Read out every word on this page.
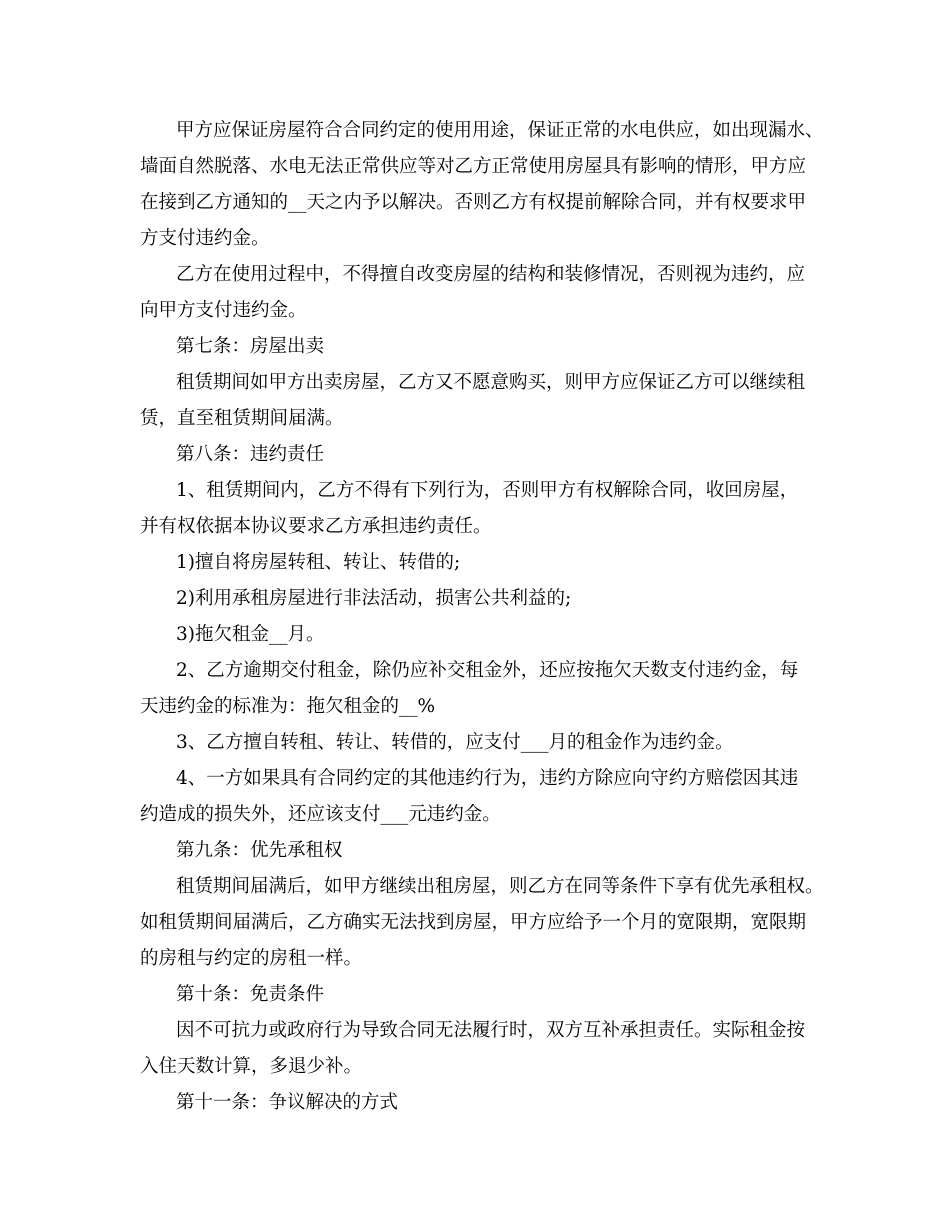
甲方应保证房屋符合合同约定的使用用途，保证正常的水电供应，如出现漏水、
墙面自然脱落、水电无法正常供应等对乙方正常使用房屋具有影响的情形，甲方应
在接到乙方通知的__天之内予以解决。否则乙方有权提前解除合同，并有权要求甲
方支付违约金。
乙方在使用过程中，不得擅自改变房屋的结构和装修情况，否则视为违约，应
向甲方支付违约金。
第七条：房屋出卖
租赁期间如甲方出卖房屋，乙方又不愿意购买，则甲方应保证乙方可以继续租
赁，直至租赁期间届满。
第八条：违约责任
1、租赁期间内，乙方不得有下列行为，否则甲方有权解除合同，收回房屋，
并有权依据本协议要求乙方承担违约责任。
1)擅自将房屋转租、转让、转借的;
2)利用承租房屋进行非法活动，损害公共利益的;
3)拖欠租金__月。
2、乙方逾期交付租金，除仍应补交租金外，还应按拖欠天数支付违约金，每
天违约金的标准为：拖欠租金的__%
3、乙方擅自转租、转让、转借的，应支付___月的租金作为违约金。
4、一方如果具有合同约定的其他违约行为，违约方除应向守约方赔偿因其违
约造成的损失外，还应该支付___元违约金。
第九条：优先承租权
租赁期间届满后，如甲方继续出租房屋，则乙方在同等条件下享有优先承租权。
如租赁期间届满后，乙方确实无法找到房屋，甲方应给予一个月的宽限期，宽限期
的房租与约定的房租一样。
第十条：免责条件
因不可抗力或政府行为导致合同无法履行时，双方互补承担责任。实际租金按
入住天数计算，多退少补。
第十一条：争议解决的方式
